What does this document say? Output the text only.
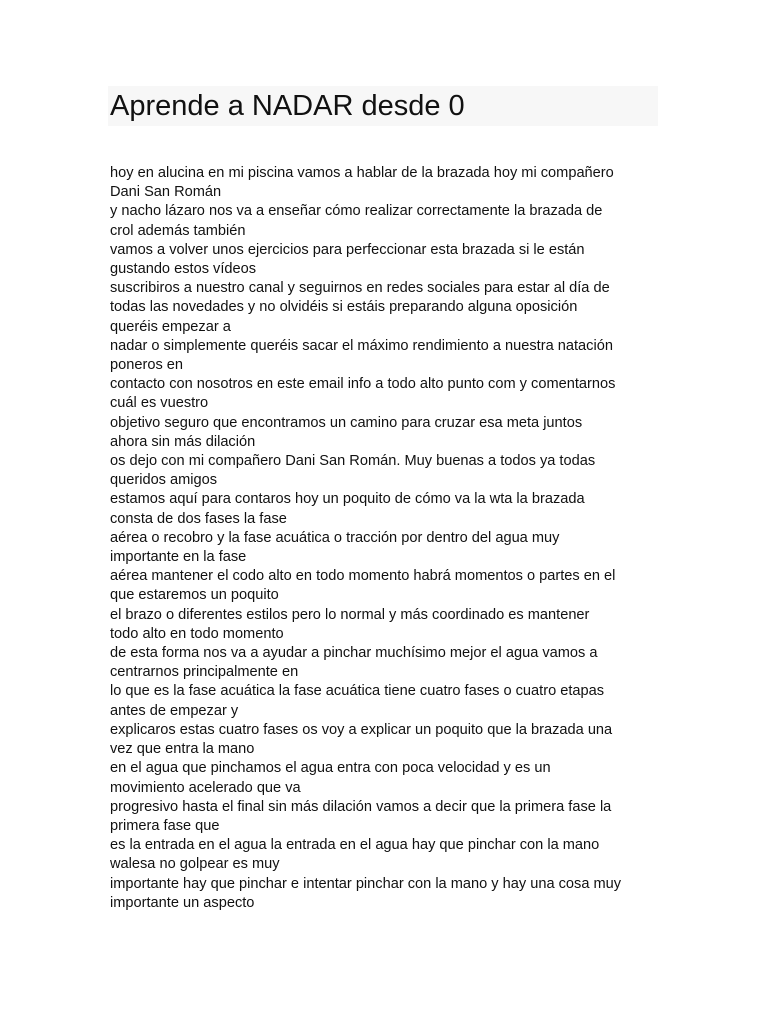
Aprende a NADAR desde 0
hoy en alucina en mi piscina vamos a hablar de la brazada hoy mi compañero
Dani San Román
y nacho lázaro nos va a enseñar cómo realizar correctamente la brazada de
crol además también
vamos a volver unos ejercicios para perfeccionar esta brazada si le están
gustando estos vídeos
suscribiros a nuestro canal y seguirnos en redes sociales para estar al día de
todas las novedades y no olvidéis si estáis preparando alguna oposición
queréis empezar a
nadar o simplemente queréis sacar el máximo rendimiento a nuestra natación
poneros en
contacto con nosotros en este email info a todo alto punto com y comentarnos
cuál es vuestro
objetivo seguro que encontramos un camino para cruzar esa meta juntos
ahora sin más dilación
os dejo con mi compañero Dani San Román. Muy buenas a todos ya todas
queridos amigos
estamos aquí para contaros hoy un poquito de cómo va la wta la brazada
consta de dos fases la fase
aérea o recobro y la fase acuática o tracción por dentro del agua muy
importante en la fase
aérea mantener el codo alto en todo momento habrá momentos o partes en el
que estaremos un poquito
el brazo o diferentes estilos pero lo normal y más coordinado es mantener
todo alto en todo momento
de esta forma nos va a ayudar a pinchar muchísimo mejor el agua vamos a
centrarnos principalmente en
lo que es la fase acuática la fase acuática tiene cuatro fases o cuatro etapas
antes de empezar y
explicaros estas cuatro fases os voy a explicar un poquito que la brazada una
vez que entra la mano
en el agua que pinchamos el agua entra con poca velocidad y es un
movimiento acelerado que va
progresivo hasta el final sin más dilación vamos a decir que la primera fase la
primera fase que
es la entrada en el agua la entrada en el agua hay que pinchar con la mano
walesa no golpear es muy
importante hay que pinchar e intentar pinchar con la mano y hay una cosa muy
importante un aspecto
